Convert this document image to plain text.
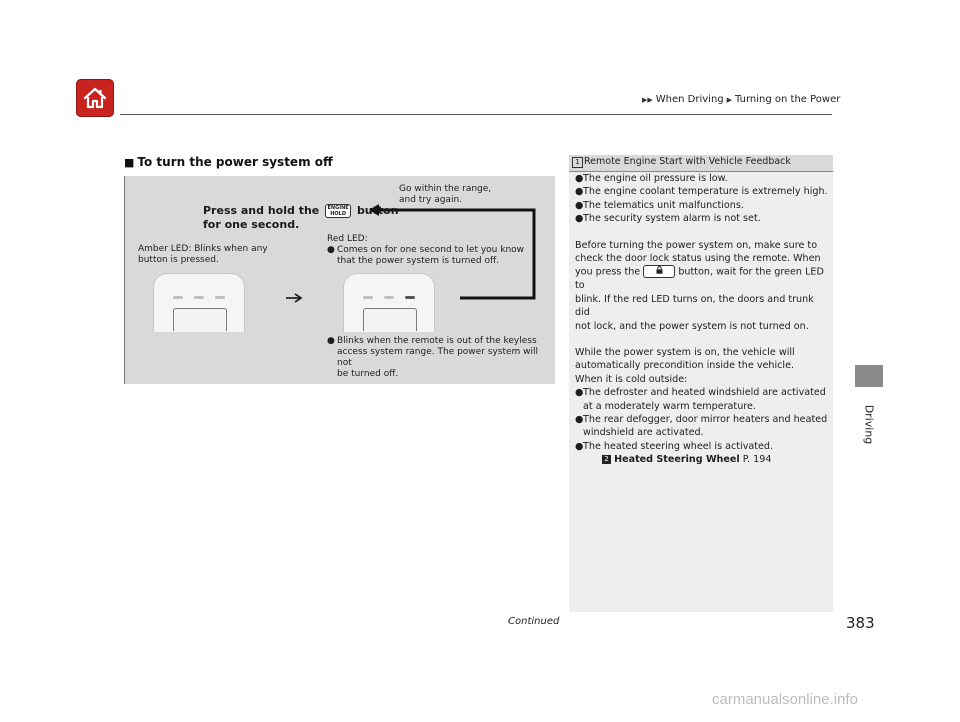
▶▶ When Driving ▶ Turning on the Power
Driving
■ To turn the power system off
Press and hold the ENGINE
HOLD button
for one second.
Go within the range,
and try again.
Amber LED: Blinks when any
button is pressed.
Red LED:
● Comes on for one second to let you know
that the power system is turned off.
● Blinks when the remote is out of the keyless
access system range. The power system will not
be turned off.
1 Remote Engine Start with Vehicle Feedback
● The engine oil pressure is low.
● The engine coolant temperature is extremely high.
● The telematics unit malfunctions.
● The security system alarm is not set.
Before turning the power system on, make sure to
check the door lock status using the remote. When
you press the	button, wait for the green LED to
blink. If the red LED turns on, the doors and trunk did
not lock, and the power system is not turned on.
While the power system is on, the vehicle will
automatically precondition inside the vehicle.
When it is cold outside:
● The defroster and heated windshield are activated
at a moderately warm temperature.
● The rear defogger, door mirror heaters and heated
windshield are activated.
● The heated steering wheel is activated.
2 Heated Steering Wheel P. 194
Continued	383
carmanualsonline.info
